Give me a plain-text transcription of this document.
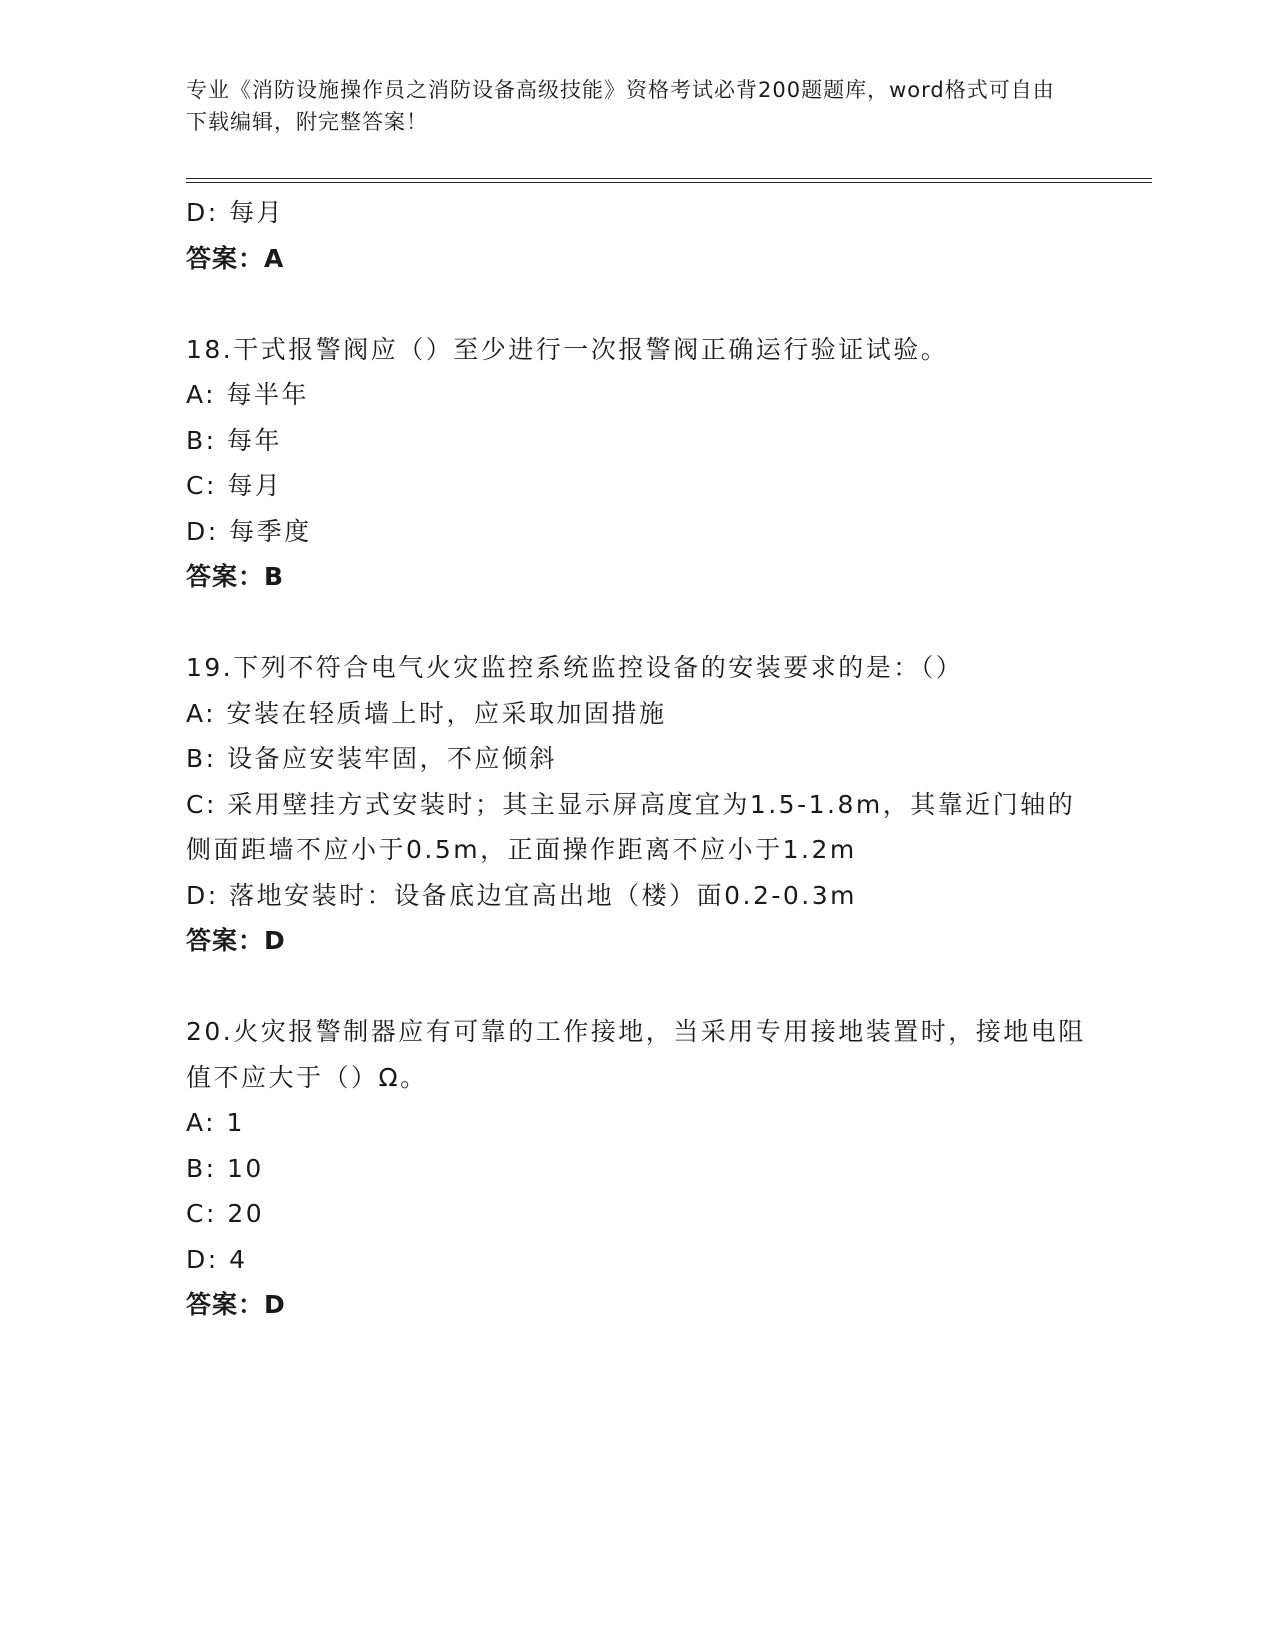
专业《消防设施操作员之消防设备高级技能》资格考试必背200题题库，word格式可自由下载编辑，附完整答案！
D: 每月
答案：A
18.干式报警阀应（）至少进行一次报警阀正确运行验证试验。
A: 每半年
B: 每年
C: 每月
D: 每季度
答案：B
19.下列不符合电气火灾监控系统监控设备的安装要求的是：（）
A: 安装在轻质墙上时，应采取加固措施
B: 设备应安装牢固，不应倾斜
C: 采用壁挂方式安装时；其主显示屏高度宜为1.5-1.8m，其靠近门轴的侧面距墙不应小于0.5m，正面操作距离不应小于1.2m
D: 落地安装时：设备底边宜高出地（楼）面0.2-0.3m
答案：D
20.火灾报警制器应有可靠的工作接地，当采用专用接地装置时，接地电阻值不应大于（）Ω。
A: 1
B: 10
C: 20
D: 4
答案：D
